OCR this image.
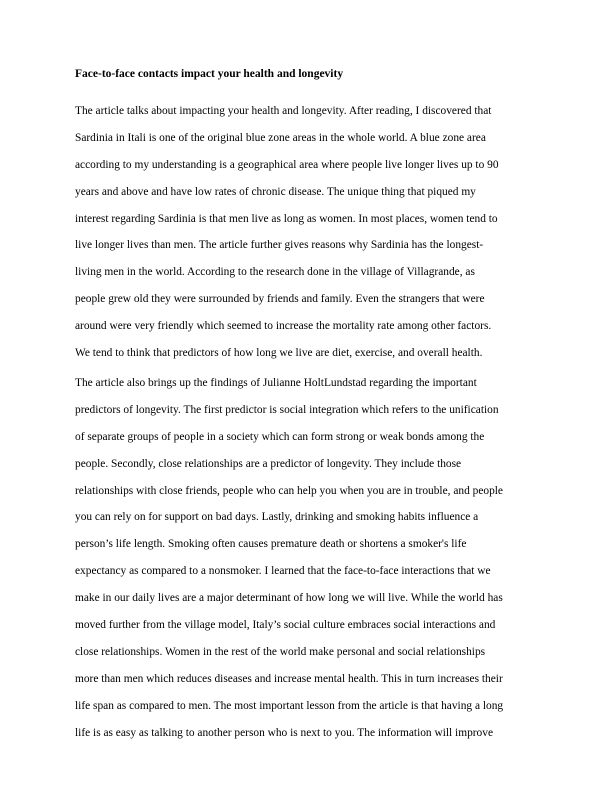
Face-to-face contacts impact your health and longevity
The article talks about impacting your health and longevity. After reading, I discovered that
Sardinia in Itali is one of the original blue zone areas in the whole world. A blue zone area
according to my understanding is a geographical area where people live longer lives up to 90
years and above and have low rates of chronic disease. The unique thing that piqued my
interest regarding Sardinia is that men live as long as women. In most places, women tend to
live longer lives than men. The article further gives reasons why Sardinia has the longest-
living men in the world. According to the research done in the village of Villagrande, as
people grew old they were surrounded by friends and family. Even the strangers that were
around were very friendly which seemed to increase the mortality rate among other factors.
We tend to think that predictors of how long we live are diet, exercise, and overall health.
The article also brings up the findings of Julianne HoltLundstad regarding the important
predictors of longevity. The first predictor is social integration which refers to the unification
of separate groups of people in a society which can form strong or weak bonds among the
people. Secondly, close relationships are a predictor of longevity. They include those
relationships with close friends, people who can help you when you are in trouble, and people
you can rely on for support on bad days. Lastly, drinking and smoking habits influence a
person’s life length. Smoking often causes premature death or shortens a smoker's life
expectancy as compared to a nonsmoker. I learned that the face-to-face interactions that we
make in our daily lives are a major determinant of how long we will live. While the world has
moved further from the village model, Italy’s social culture embraces social interactions and
close relationships. Women in the rest of the world make personal and social relationships
more than men which reduces diseases and increase mental health. This in turn increases their
life span as compared to men. The most important lesson from the article is that having a long
life is as easy as talking to another person who is next to you. The information will improve
